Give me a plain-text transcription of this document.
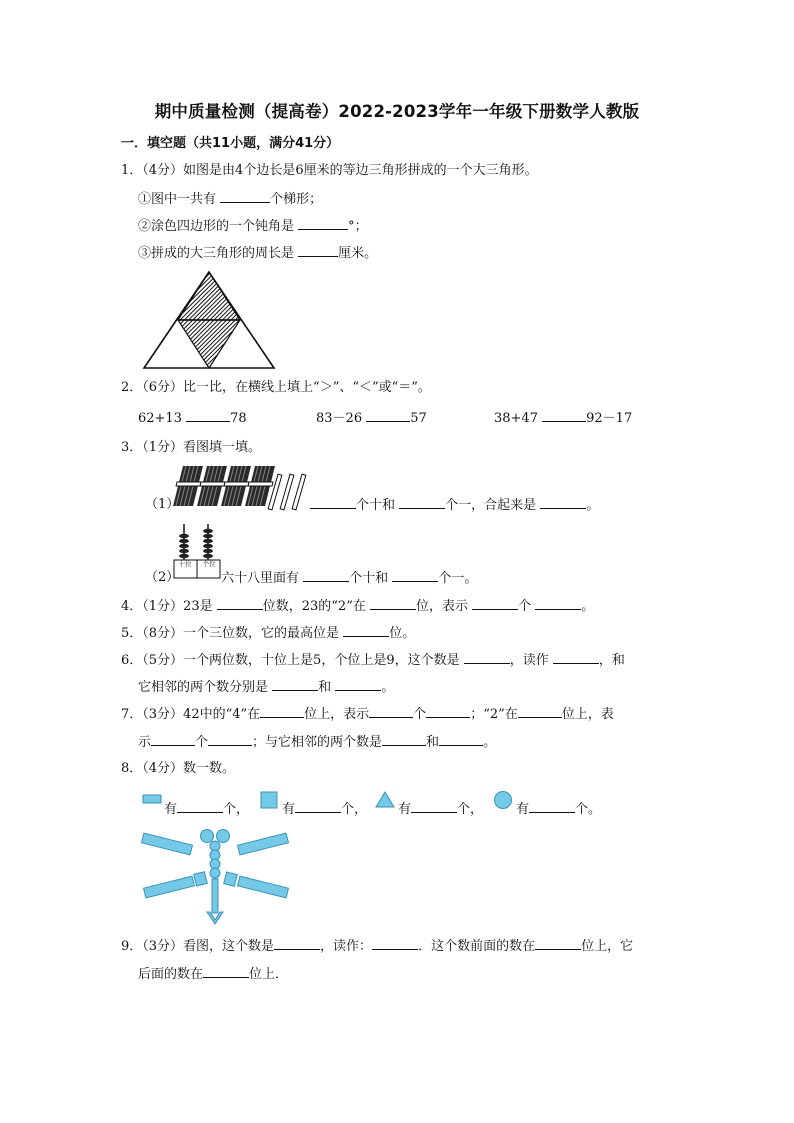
期中质量检测（提高卷）2022-2023学年一年级下册数学人教版
一．填空题（共11小题，满分41分）
1．（4分）如图是由4个边长是6厘米的等边三角形拼成的一个大三角形。
①图中一共有	个梯形；
②涂色四边形的一个钝角是	°；
③拼成的大三角形的周长是	厘米。
2．（6分）比一比，在横线上填上“＞”、“＜”或“＝”。
62+13	78	83－26	57	38+47	92－17
3．（1分）看图填一填。
（1）	个十和	个一，合起来是	。
十位 个位
（2）	六十八里面有	个十和	个一。
4．（1分）23是	位数，23的“2”在	位，表示	个	。
5．（8分）一个三位数，它的最高位是	位。
6．（5分）一个两位数，十位上是5，个位上是9，这个数是	，读作	，和
它相邻的两个数分别是	和	。
7．（3分）42中的“4”在	位上，表示	个	；“2”在	位上，表
示	个	；与它相邻的两个数是	和	。
8．（4分）数一数。
有	个，	有	个， 有	个，	有	个。
9．（3分）看图，这个数是	，读作：	．这个数前面的数在	位上，它
后面的数在	位上．
